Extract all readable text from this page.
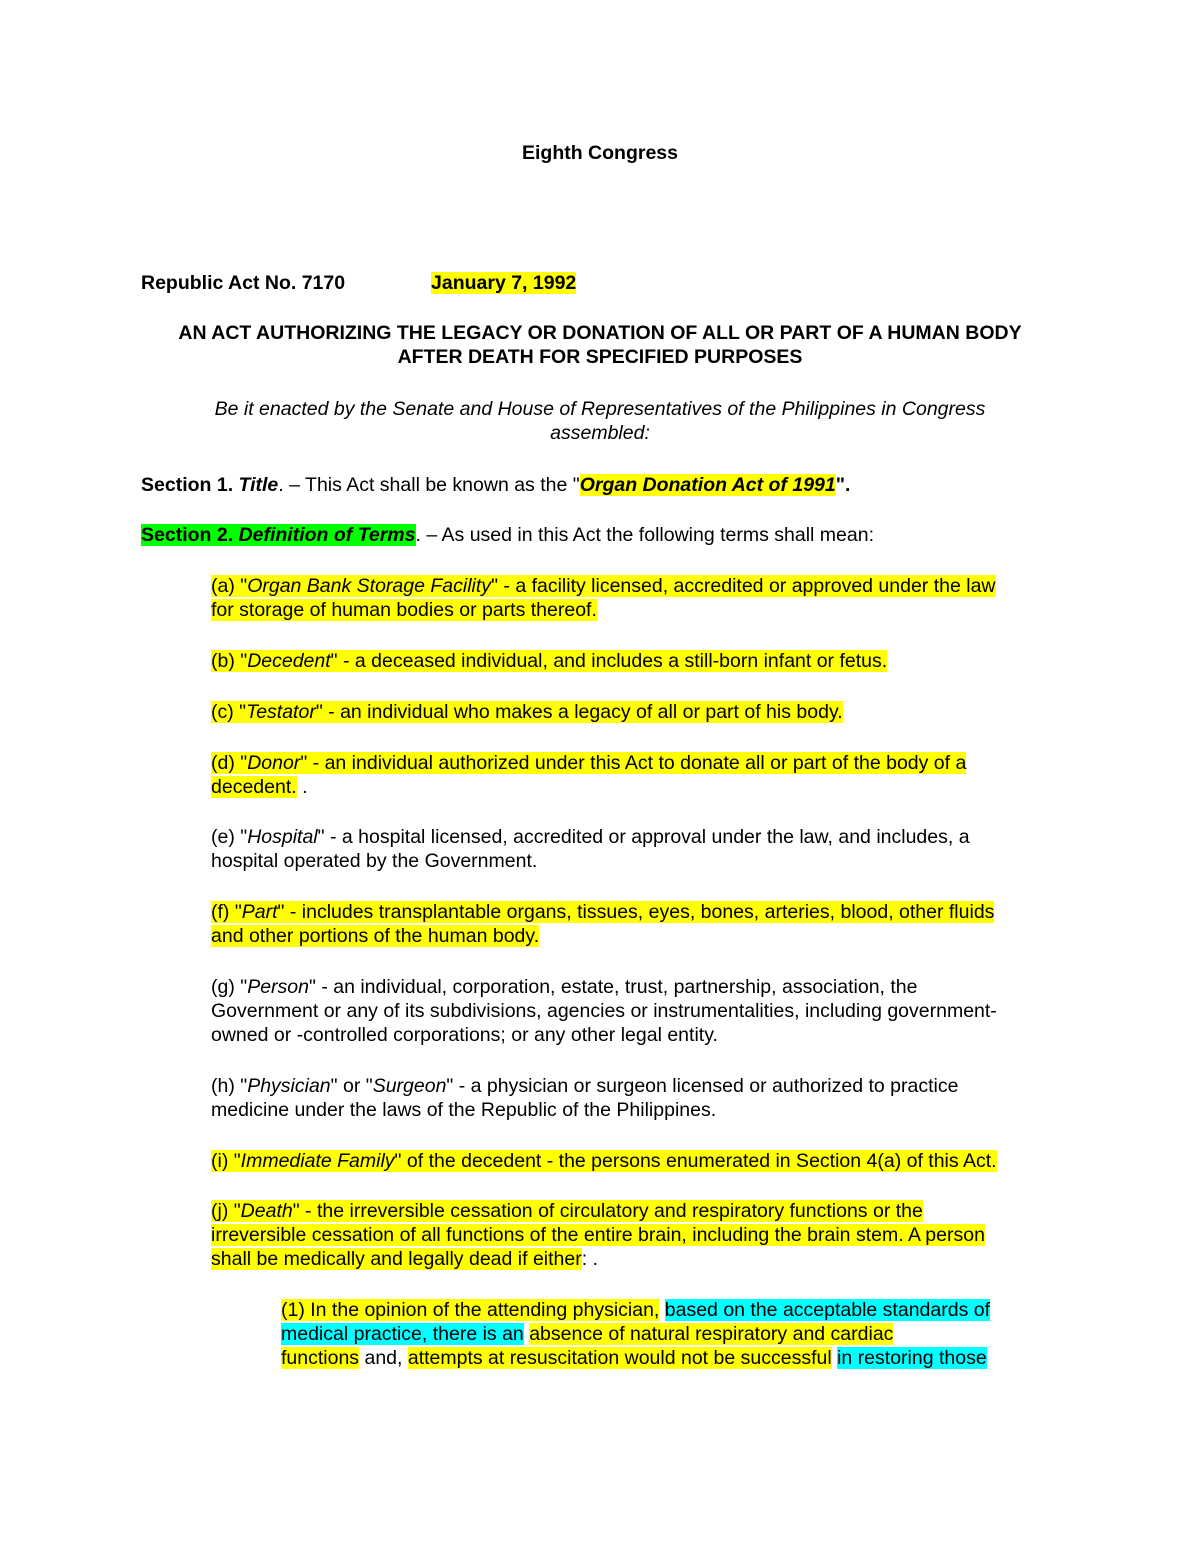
Eighth Congress
Republic Act No. 7170	January 7, 1992
AN ACT AUTHORIZING THE LEGACY OR DONATION OF ALL OR PART OF A HUMAN BODY
AFTER DEATH FOR SPECIFIED PURPOSES
Be it enacted by the Senate and House of Representatives of the Philippines in Congress
assembled:
Section 1. Title. – This Act shall be known as the "Organ Donation Act of 1991".
Section 2. Definition of Terms. – As used in this Act the following terms shall mean:
(a) "Organ Bank Storage Facility" - a facility licensed, accredited or approved under the law
for storage of human bodies or parts thereof.
(b) "Decedent" - a deceased individual, and includes a still-born infant or fetus.
(c) "Testator" - an individual who makes a legacy of all or part of his body.
(d) "Donor" - an individual authorized under this Act to donate all or part of the body of a
decedent. .
(e) "Hospital" - a hospital licensed, accredited or approval under the law, and includes, a
hospital operated by the Government.
(f) "Part" - includes transplantable organs, tissues, eyes, bones, arteries, blood, other fluids
and other portions of the human body.
(g) "Person" - an individual, corporation, estate, trust, partnership, association, the
Government or any of its subdivisions, agencies or instrumentalities, including government-
owned or -controlled corporations; or any other legal entity.
(h) "Physician" or "Surgeon" - a physician or surgeon licensed or authorized to practice
medicine under the laws of the Republic of the Philippines.
(i) "Immediate Family" of the decedent - the persons enumerated in Section 4(a) of this Act.
(j) "Death" - the irreversible cessation of circulatory and respiratory functions or the
irreversible cessation of all functions of the entire brain, including the brain stem. A person
shall be medically and legally dead if either: .
(1) In the opinion of the attending physician, based on the acceptable standards of
medical practice, there is an absence of natural respiratory and cardiac
functions and, attempts at resuscitation would not be successful in restoring those
